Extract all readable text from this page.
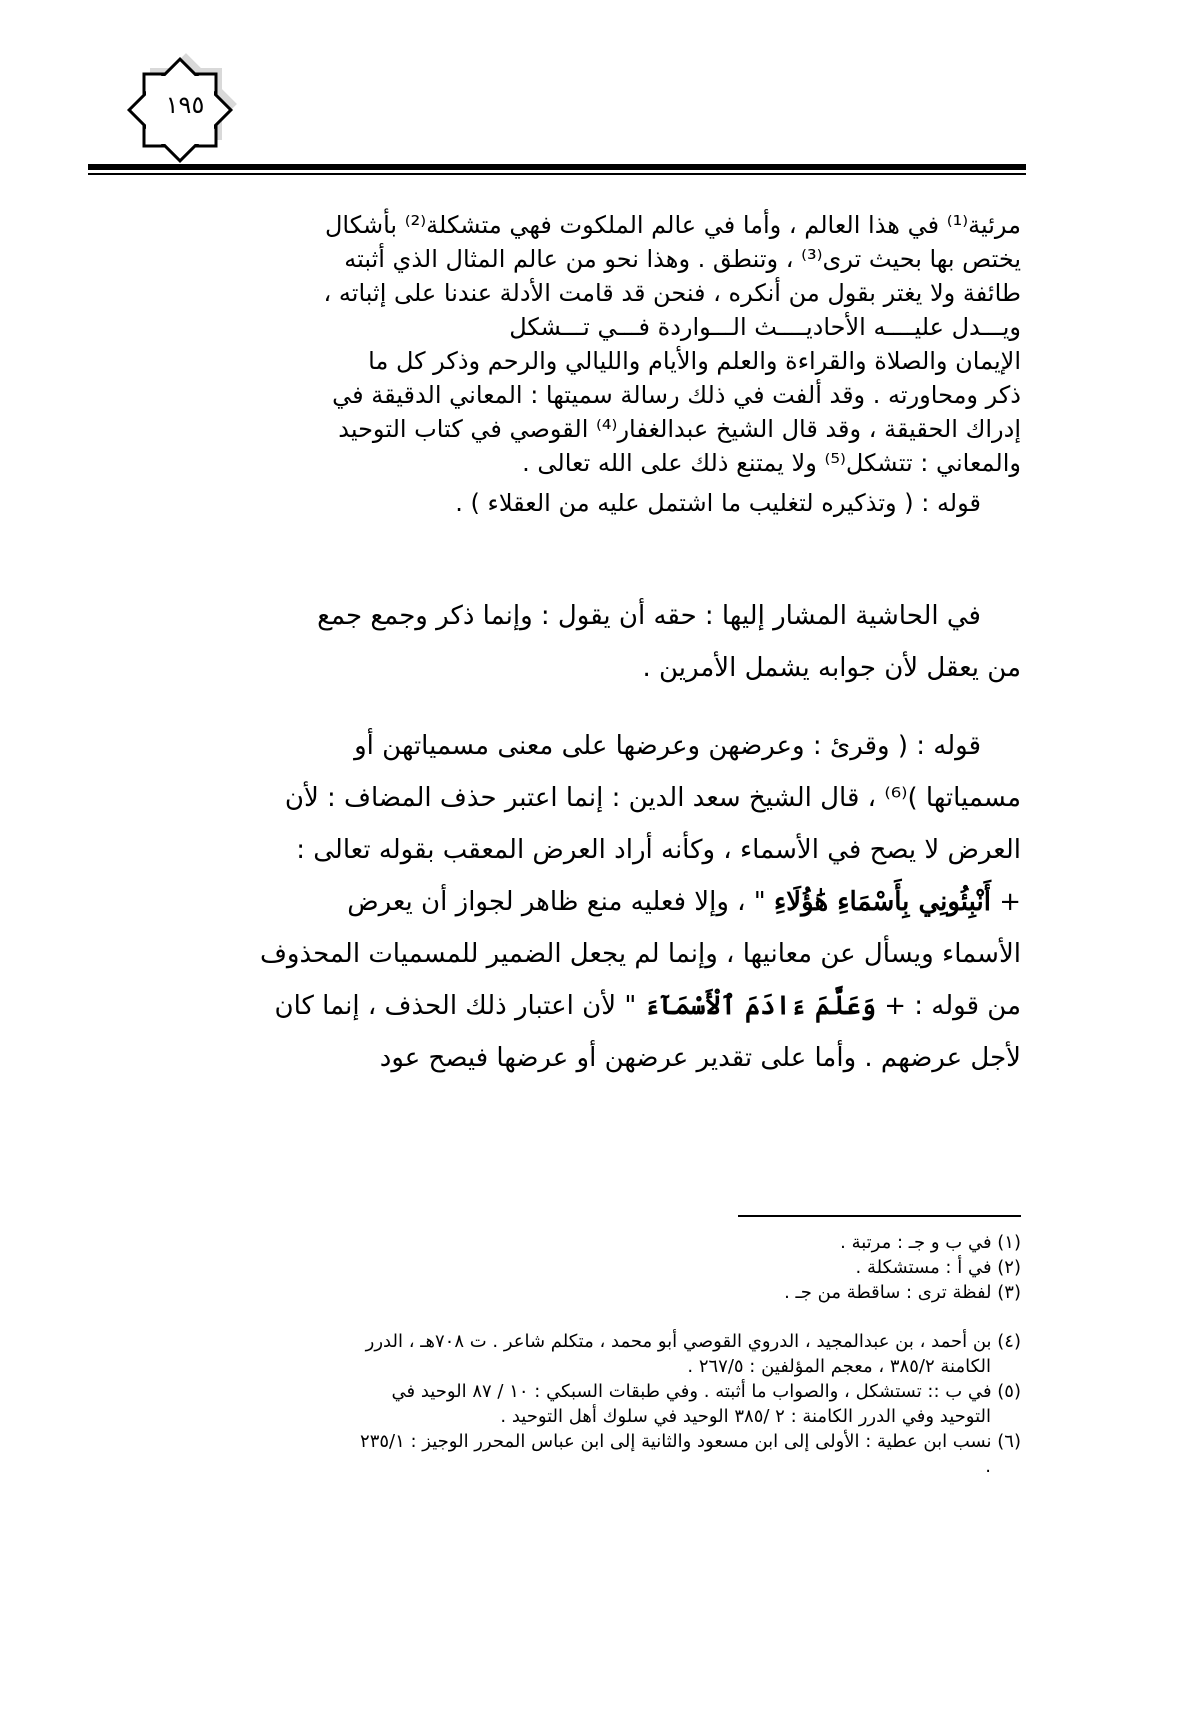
١٩٥

مرئية⁽¹⁾ في هذا العالم ، وأما في عالم الملكوت فهي متشكلة⁽²⁾ بأشكال

يختص بها بحيث ترى⁽³⁾ ، وتنطق . وهذا نحو من عالم المثال الذي أثبته

طائفة ولا يغتر بقول من أنكره ، فنحن قد قامت الأدلة عندنا على إثباته ،

ويـــدل عليــــه الأحاديــــث الـــواردة فـــي تـــشكل

الإيمان والصلاة والقراءة والعلم والأيام والليالي والرحم وذكر كل ما

ذكر ومحاورته . وقد ألفت في ذلك رسالة سميتها : المعاني الدقيقة في

إدراك الحقيقة ، وقد قال الشيخ عبدالغفار⁽⁴⁾ القوصي في كتاب التوحيد

والمعاني : تتشكل⁽⁵⁾ ولا يمتنع ذلك على الله تعالى .

قوله : ( وتذكيره لتغليب ما اشتمل عليه من العقلاء ) .

في الحاشية المشار إليها : حقه أن يقول : وإنما ذكر وجمع جمع

من يعقل لأن جوابه يشمل الأمرين .

قوله : ( وقرئ : وعرضهن وعرضها على معنى مسمياتهن أو

مسمياتها )⁽⁶⁾ ، قال الشيخ سعد الدين : إنما اعتبر حذف المضاف : لأن

العرض لا يصح في الأسماء ، وكأنه أراد العرض المعقب بقوله تعالى :

+ أَنْبِئُونِي بِأَسْمَاءِ هَٰؤُلَاءِ " ، وإلا فعليه منع ظاهر لجواز أن يعرض

الأسماء ويسأل عن معانيها ، وإنما لم يجعل الضمير للمسميات المحذوف

من قوله : + وَعَلَّمَ ءَادَمَ ٱلْأَسْمَآءَ " لأن اعتبار ذلك الحذف ، إنما كان

لأجل عرضهم . وأما على تقدير عرضهن أو عرضها فيصح عود

(١) في ب و جـ : مرتبة .

(٢) في أ : مستشكلة .

(٣) لفظة ترى : ساقطة من جـ .

(٤) بن أحمد ، بن عبدالمجيد ، الدروي القوصي أبو محمد ، متكلم شاعر . ت ٧٠٨هـ ، الدرر

الكامنة ٣٨٥/٢ ، معجم المؤلفين : ٢٦٧/٥ .

(٥) في ب :: تستشكل ، والصواب ما أثبته . وفي طبقات السبكي : ١٠ / ٨٧ الوحيد في

التوحيد وفي الدرر الكامنة : ٢ /٣٨٥ الوحيد في سلوك أهل التوحيد .

(٦) نسب ابن عطية : الأولى إلى ابن مسعود والثانية إلى ابن عباس المحرر الوجيز : ٢٣٥/١

.
